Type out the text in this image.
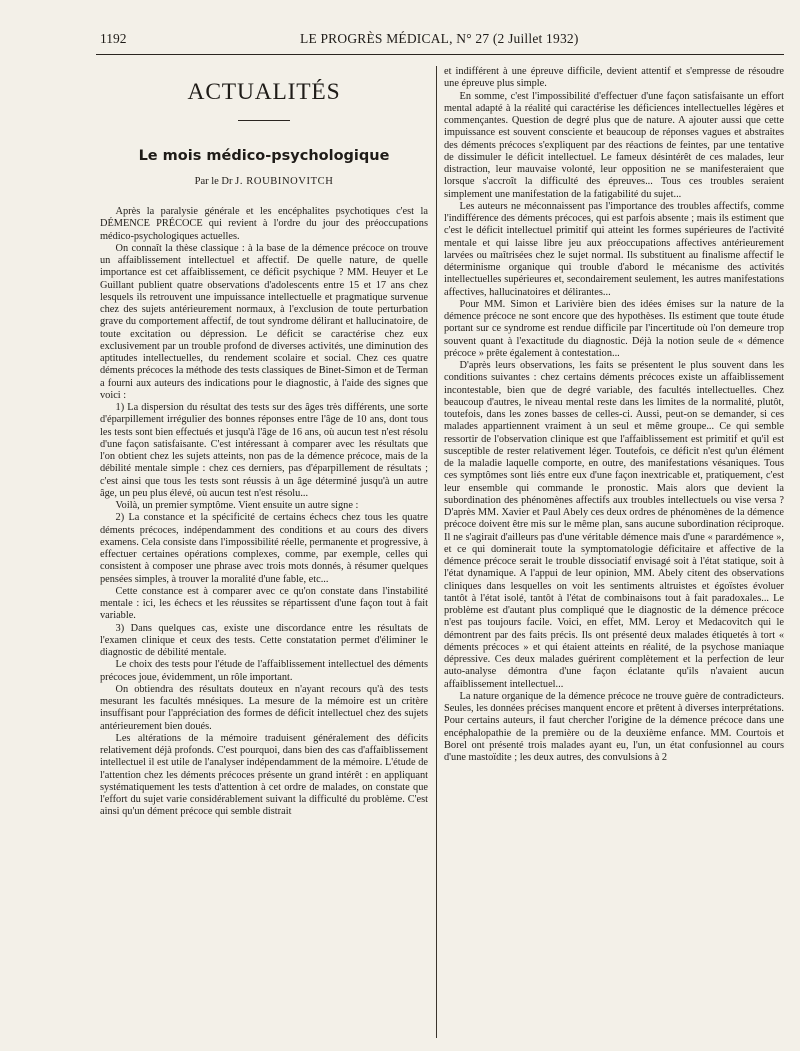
1192	LE PROGRÈS MÉDICAL, N° 27 (2 Juillet 1932)
ACTUALITÉS
Le mois médico-psychologique
Par le Dr J. ROUBINOVITCH

Après la paralysie générale et les encéphalites psychotiques c'est la DÉMENCE PRÉCOCE qui revient à l'ordre du jour des préoccupations médico-psychologiques actuelles.

On connaît la thèse classique : à la base de la démence précoce on trouve un affaiblissement intellectuel et affectif. De quelle nature, de quelle importance est cet affaiblissement, ce déficit psychique ? MM. Heuyer et Le Guillant publient quatre observations d'adolescents entre 15 et 17 ans chez lesquels ils retrouvent une impuissance intellectuelle et pragmatique survenue chez des sujets antérieurement normaux, à l'exclusion de toute perturbation grave du comportement affectif, de tout syndrome délirant et hallucinatoire, de toute excitation ou dépression. Le déficit se caractérise chez eux exclusivement par un trouble profond de diverses activités, une diminution des aptitudes intellectuelles, du rendement scolaire et social. Chez ces quatre déments précoces la méthode des tests classiques de Binet-Simon et de Terman a fourni aux auteurs des indications pour le diagnostic, à l'aide des signes que voici :

1) La dispersion du résultat des tests sur des âges très différents, une sorte d'éparpillement irrégulier des bonnes réponses entre l'âge de 10 ans, dont tous les tests sont bien effectués et jusqu'à l'âge de 16 ans, où aucun test n'est résolu d'une façon satisfaisante. C'est intéressant à comparer avec les résultats que l'on obtient chez les sujets atteints, non pas de la démence précoce, mais de la débilité mentale simple : chez ces derniers, pas d'éparpillement de résultats ; c'est ainsi que tous les tests sont réussis à un âge déterminé jusqu'à un autre âge, un peu plus élevé, où aucun test n'est résolu...

Voilà, un premier symptôme. Vient ensuite un autre signe :

2) La constance et la spécificité de certains échecs chez tous les quatre déments précoces, indépendamment des conditions et au cours des divers examens. Cela consiste dans l'impossibilité réelle, permanente et progressive, à effectuer certaines opérations complexes, comme, par exemple, celles qui consistent à composer une phrase avec trois mots donnés, à résumer quelques pensées simples, à trouver la moralité d'une fable, etc...

Cette constance est à comparer avec ce qu'on constate dans l'instabilité mentale : ici, les échecs et les réussites se répartissent d'une façon tout à fait variable.

3) Dans quelques cas, existe une discordance entre les résultats de l'examen clinique et ceux des tests. Cette constatation permet d'éliminer le diagnostic de débilité mentale.

Le choix des tests pour l'étude de l'affaiblissement intellectuel des déments précoces joue, évidemment, un rôle important.

On obtiendra des résultats douteux en n'ayant recours qu'à des tests mesurant les facultés mnésiques. La mesure de la mémoire est un critère insuffisant pour l'appréciation des formes de déficit intellectuel chez des sujets antérieurement bien doués.

Les altérations de la mémoire traduisent généralement des déficits relativement déjà profonds. C'est pourquoi, dans bien des cas d'affaiblissement intellectuel il est utile de l'analyser indépendamment de la mémoire. L'étude de l'attention chez les déments précoces présente un grand intérêt : en appliquant systématiquement les tests d'attention à cet ordre de malades, on constate que l'effort du sujet varie considérablement suivant la difficulté du problème. C'est ainsi qu'un dément précoce qui semble distrait

et indifférent à une épreuve difficile, devient attentif et s'empresse de résoudre une épreuve plus simple.

En somme, c'est l'impossibilité d'effectuer d'une façon satisfaisante un effort mental adapté à la réalité qui caractérise les déficiences intellectuelles légères et commençantes. Question de degré plus que de nature. A ajouter aussi que cette impuissance est souvent consciente et beaucoup de réponses vagues et abstraites des déments précoces s'expliquent par des réactions de feintes, par une tentative de dissimuler le déficit intellectuel. Le fameux désintérêt de ces malades, leur distraction, leur mauvaise volonté, leur opposition ne se manifesteraient que lorsque s'accroît la difficulté des épreuves... Tous ces troubles seraient simplement une manifestation de la fatigabilité du sujet...

Les auteurs ne méconnaissent pas l'importance des troubles affectifs, comme l'indifférence des déments précoces, qui est parfois absente ; mais ils estiment que c'est le déficit intellectuel primitif qui atteint les formes supérieures de l'activité mentale et qui laisse libre jeu aux préoccupations affectives antérieurement larvées ou maîtrisées chez le sujet normal. Ils substituent au finalisme affectif le déterminisme organique qui trouble d'abord le mécanisme des activités intellectuelles supérieures et, secondairement seulement, les autres manifestations affectives, hallucinatoires et délirantes...

Pour MM. Simon et Larivière bien des idées émises sur la nature de la démence précoce ne sont encore que des hypothèses. Ils estiment que toute étude portant sur ce syndrome est rendue difficile par l'incertitude où l'on demeure trop souvent quant à l'exactitude du diagnostic. Déjà la notion seule de « démence précoce » prête également à contestation...

D'après leurs observations, les faits se présentent le plus souvent dans les conditions suivantes : chez certains déments précoces existe un affaiblissement incontestable, bien que de degré variable, des facultés intellectuelles. Chez beaucoup d'autres, le niveau mental reste dans les limites de la normalité, plutôt, toutefois, dans les zones basses de celles-ci. Aussi, peut-on se demander, si ces malades appartiennent vraiment à un seul et même groupe... Ce qui semble ressortir de l'observation clinique est que l'affaiblissement est primitif et qu'il est susceptible de rester relativement léger. Toutefois, ce déficit n'est qu'un élément de la maladie laquelle comporte, en outre, des manifestations vésaniques. Tous ces symptômes sont liés entre eux d'une façon inextricable et, pratiquement, c'est leur ensemble qui commande le pronostic. Mais alors que devient la subordination des phénomènes affectifs aux troubles intellectuels ou vise versa ? D'après MM. Xavier et Paul Abely ces deux ordres de phénomènes de la démence précoce doivent être mis sur le même plan, sans aucune subordination réciproque. Il ne s'agirait d'ailleurs pas d'une véritable démence mais d'une « parardémence », et ce qui dominerait toute la symptomatologie déficitaire et affective de la démence précoce serait le trouble dissociatif envisagé soit à l'état statique, soit à l'état dynamique. A l'appui de leur opinion, MM. Abely citent des observations cliniques dans lesquelles on voit les sentiments altruistes et égoïstes évoluer tantôt à l'état isolé, tantôt à l'état de combinaisons tout à fait paradoxales... Le problème est d'autant plus compliqué que le diagnostic de la démence précoce n'est pas toujours facile. Voici, en effet, MM. Leroy et Medacovitch qui le démontrent par des faits précis. Ils ont présenté deux malades étiquetés à tort « déments précoces » et qui étaient atteints en réalité, de la psychose maniaque dépressive. Ces deux malades guérirent complètement et la perfection de leur auto-analyse démontra d'une façon éclatante qu'ils n'avaient aucun affaiblissement intellectuel...

La nature organique de la démence précoce ne trouve guère de contradicteurs. Seules, les données précises manquent encore et prêtent à diverses interprétations. Pour certains auteurs, il faut chercher l'origine de la démence précoce dans une encéphalopathie de la première ou de la deuxième enfance. MM. Courtois et Borel ont présenté trois malades ayant eu, l'un, un état confusionnel au cours d'une mastoïdite ; les deux autres, des convulsions à 2
